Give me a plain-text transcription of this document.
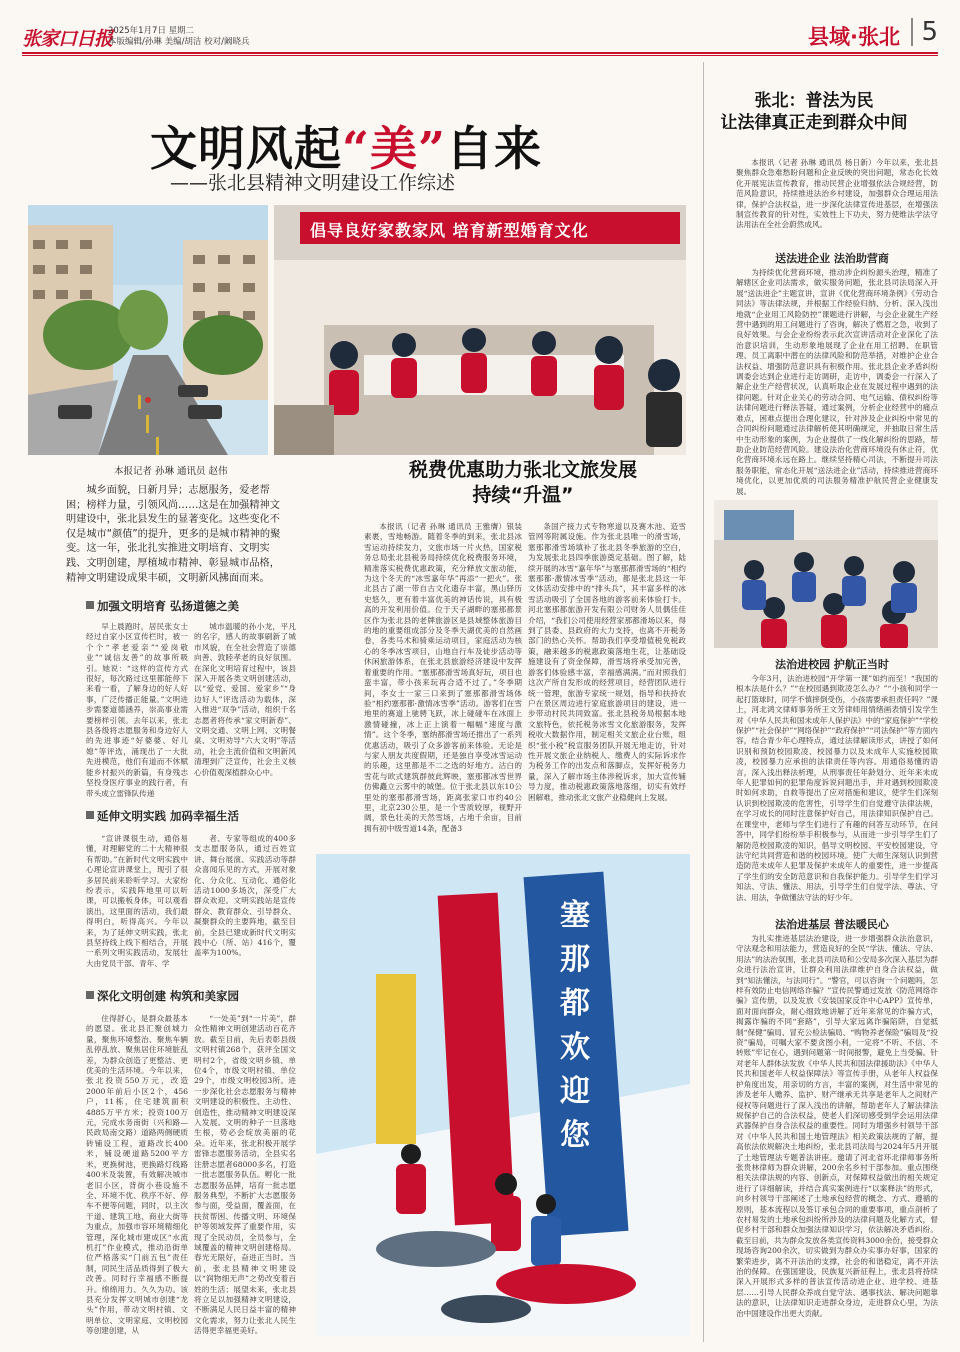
张家口日报
2025年1月7日 星期二
本版编辑/孙琳 美编/胡洁 校对/阚晓兵	县域·张北 5
文明风起“美”自来
——张北县精神文明建设工作综述
倡导良好家教家风 培育新型婚育文化
本报记者 孙琳 通讯员 赵伟
城乡面貌，日新月异；志愿服务，爱老帮困；榜样力量，引领风尚……这是在加强精神文明建设中，张北县发生的显著变化。这些变化不仅是城市“颜值”的提升，更多的是城市精神的聚变。这一年，张北扎实推进文明培育、文明实践、文明创建，厚植城市精神、彰显城市品格，精神文明建设成果丰硕，文明新风拂面而来。
加强文明培育 弘扬道德之美
早上晨跑时，居民张女士经过自家小区宣传栏时，被一个个“孝老爱亲”“爱岗敬业”“诚信友善”的故事所吸引。她说：“这样的宣传方式很好，每次路过这里都能停下来看一看，了解身边的好人好事，广泛传播正能量。”文明进步需要道德涵养，崇高事业需要榜样引领。去年以来，张北县各级将志愿服务和身边好人的先进事迹“好婆婆、好儿媳”等评选，涌现出了一大批先进模范，他们有道而不休赋能乡村振兴的新篇，有身残志坚投身医疗事业的践行者，有带头成立雷锋队传递
城市温暖的孙小龙，平凡的名字，感人的故事刷新了城市风貌，在全社会营造了崇德向善、敦睦孝老的良好氛围。在深化文明培育过程中，该县深入开展各类文明创建活动，以“爱党、爱国、爱家乡”“身边好人”评选活动为载体，深入推进“双争”活动，组织千名志愿者将传承“家文明新春”、文明交通、文明上网、文明餐桌、文明劝导“六大文明”等活动，社会主流价值和文明新风清理到广泛宣传，社会主义核心价值观深植群众心中。
延伸文明实践 加码幸福生活
“宣讲课很生动，通俗易懂，对理解党的二十大精神很有帮助。”在新时代文明实践中心理论宣讲课堂上，现引了很多居民前来聆听学习。大家纷纷表示，实践阵地里可以听课，可以搬板身体，可以观看演出，这里面的活动，我们最得明白，听得高兴。今年以来，为了延伸文明实践，张北县坚持线上线下相结合，开展一系列文明实践活动，发展壮大由党员干部、青年、学
者、专家等组成的400多支志愿服务队，通过百姓宣讲、舞台展演、实践活动等群众喜闻乐见的方式，开展对象化、分众化、互动化、通俗化活动1000多场次，深受广大群众欢迎。文明实践站是宣传群众、教育群众、引导群众、凝聚群众的主要阵地，截至目前，全县已建成新时代文明实践中心（所、站）416个，覆盖率为100%。
深化文明创建 构筑和美家园
住得舒心，是群众最基本的愿望。张北县汇聚创城力量，聚焦环境整治、聚焦车辆乱停乱放、聚焦居住环境脏乱差，为群众创造了更整洁、更优美的生活环境。今年以来，张北投资550万元，改造2000年前后小区2个，456户，11栋，住宅建筑面积4885万平方米；投资100万元，完成水务南街（兴和路—民政局南交路）道路两侧硬质砖铺设工程，道路改长400米，铺设硬道路5200平方米，更换树池，更换路灯线路400米及装置，有效解决城市老旧小区，背街小巷设施不全、环境不优、秩序不好、停车不便等问题，同时，以主次干道、建筑工地、商业大街等为重点，加强市容环境精细化管理，深化城市建成区“水流机打”作业模式，推动沿街单位严格落实“门前五包”责任制，同民生活品质得到了极大改善。同时行幸福感不断提升。绵绵用力、久久为功。该县充分发挥文明城市创建“龙头”作用，带动文明村镇、文明单位、文明家庭、文明校园等创建创建，从
“一处美”到“一片美”，群众性精神文明创建活动百花齐放。截至目前，先后表彰县级文明村镇268个，获评全国文明村2个，省级文明乡镇、单位4个，市级文明村镇、单位29个，市级文明校园3所。进一步深化社会志愿服务与精神文明建设的积极性、主动性、创造性，推动精神文明建设深入发展。文明的种子一旦落地生根，势必会绽放美丽的花朵。近年来，张北积极开展学雷锋志愿服务活动，全县实名注册志愿者68000多名，打造一批志愿服务队伍。孵化一批志愿服务品牌，培育一批志愿服务典型，不断扩大志愿服务参与面，受益面，覆盖面，在扶贫帮困、传播文明、环境保护等领域发挥了重要作用，实现了全民动员，全员参与，全域覆盖的精神文明创建格局。春光无限好，奋进正当时。当前，张北县精神文明建设以“润物细无声”之势改变着百姓的生活；展望未来，张北县将立足以加强精神文明建设，不断满足人民日益丰富的精神文化需求，努力让张北人民生活得更幸福更美好。
税费优惠助力张北文旅发展
持续“升温”
本报讯（记者 孙琳 通讯员 王雅膺）银装素裹，雪地畅游。随着冬季的到来，张北县冰雪运动持续发力，文旅市场一片火热，国家税务总局张北县税务局持续优化税费服务环境，精准落实税费优惠政策，充分释放文旅动能，为这个冬天的“冰雪嘉年华”再添“一把火”。张北县古了湖一带自古文化遗存丰富，黑山驿历史悠久，更有着丰富优美的神话传说，具有极高的开发利用价值。位于天子湖畔的塞那都景区作为张北县的老牌旅游区是县域整体旅游目的地的重要组成部分及冬季天湖优美的自然画卷，各类马术和骑乘运动项目，家庭活动为核心的冬季冰雪项目，山地自行车及徒步活动等休闲旅游体系，在张北县旅游经济建设中发挥着重要的作用。“塞那都滑雪场真好玩，项目也蛮丰富，带小孩来玩再合适不过了。”冬季期间，李女士一家三口来到了塞那都滑雪场体验“相约塞那都·激情冰雪季”活动。游客们在雪地里的赛道上驰骋飞跃，冰上碰碰车在冰面上激情碰撞，冰上正上演着一幅幅“速度与激情”。这个冬季，塞纳都滑雪场还推出了一系列优惠活动，吸引了众多游客前来体验。无论是与家人朋友共度假期，还是独自享受冰雪运动的乐趣，这里都是不二之选的好地方。沽白的雪花与欧式建筑群彼此辉映，塞那都冰雪世界仿佛矗立云雾中的城堡。位于张北县以东10公里处的塞那都滑雪场，距离张家口市约40公里，北京230公里，是一个雪质较厚，视野开阔，景色壮美的天然雪场，占地千余亩，目前拥有初中级雪道14条，配备3
条国产接力式专物寒道以及赛木池、造雪管网等附属设施。作为张北县唯一的滑雪场，塞那都滑雪场填补了张北县冬季旅游的空白，为发展张北县四季旅游奠定基础。图了解，陆续开展的冰雪“嘉年华”与塞那都滑雪场的“相约塞那都·激情冰雪季”活动，都是张北县这一年文体活动安排中的“排头兵”，其丰富多样的冰雪活动吸引了全国各地的游客前来体验打卡。河北塞那都旅游开发有限公司财务人员偶佳佳介绍，“我们公司使用经营家那都滑场以来，得到了县委、县政府的大力支持，也离不开税务部门的热心关怀。帮助我们享受增值税免税政策，融来越多的税惠政策落地生花，让基础设施建设有了资金保障，滑雪场将承受加完善，游客们体验感丰富，幸福感满满。”而对照我们这次产所自发形成的经营项目，经营团队进行统一管理，旅游专家统一规划，指导和扶持农户在景区周边进行家庭旅游项目的建设，进一步带动村民共同致富。张北县税务局根据本地文旅特色，依托税务冰雪文化旅游服务，发挥税收大数据作用，制定相关文旅企业台账，组织“张小税”税宣服务团队开展无地走访，针对性开展文旅企业纳税人、缴费人的实际诉求作为税务工作的出发点和落脚点，发挥好税务力量，深入了解市场主体涉税诉求，加大宣传辅导力度，推动税惠政策落地落细，切实有效纾困解难，推动张北文旅产业稳健向上发展。
塞那都欢迎您
张北：普法为民
让法律真正走到群众中间
本报讯（记者 孙琳 通讯员 杨日新）今年以来，张北县聚焦群众急难愁盼问题和企业反映的突出问题，常态化长效化开展宪法宣传教育，推动民营企业增强依法合规经营，防范风险意识，持续推进法治乡村建设，加强群众合理运用法律，保护合法权益，进一步深化法律宣传进基层，在增强法制宣传教育的针对性，实效性上下功夫，努力使维法学法守法用法在全社会蔚然成风。
送法进企业 法治助营商
为持续优化营商环境，推动涉企纠纷源头治理，精准了解辖区企业司法需求，做实服务问题，张北县司法局深入开展“送法进企”主题宣讲，宣讲《优化营商环境条例》《劳动合同法》等法律法规，并根据工作经验归纳、分析、深入浅出地就“企业用工风险防控”课题进行讲解，与会企业就生产经营中遇到的用工问题进行了咨询，解决了燃眉之急，收到了良好效果。与会企业纷纷表示此次宣讲活动对企业深化了法治意识培训，生动形象地展现了企业在用工招聘、在职管理、员工离职中潜在的法律风险和防范举措，对维护企业合法权益、增强防范意识具有积极作用。张北县企业矛盾纠纷调委会达到企业进行走访调研，走访中，调委会一行深入了解企业生产经营状况，认真听取企业在发展过程中遇到的法律问题。针对企业关心的劳动合同、电气运输、债权纠纷等法律问题进行释法答疑，通过案例，分析企业经营中的痛点难点，困难点提出合理化建议，针对涉及企业纠纷中常见的合同纠纷问题通过法律解析使其明确规定，并抽取日常生活中生动形象的案例，为企业提供了一线化解纠纷的思路，帮助企业防范经营风险。建设法治化营商环境没有休止符，优化营商环境永远在路上。继续坚持精心司法，不断提升司法服务职能，常态化开展“送法进企业”活动，持续推进营商环境优化，以更加优质的司法服务精准护航民营企业健康发展。
法治进校园 护航正当时
今年3月，法治进校园“开学第一课”如约而至！“我国的根本法是什么？”“在校园遇到欺凌怎么办？”“小孩和同学一起打篮球时，同学不慎摔倒受伤，小孩需要承担责任吗？”课上，河北鸿文律师事务所王文芳律师用情绪画表情引发学生对《中华人民共和国未成年人保护法》中的“家庭保护”“学校保护”“社会保护”“网络保护”“政府保护”“司法保护”等方面内容，结合青少年心理特点，通过法律解读形式，讲授了如何识别和预防校园欺凌、校园暴力以及未成年人实施校园欺凌，校园暴力应承担的法律责任等内容。用通俗易懂的语言，深入浅出释法析理，从刑事责任年龄划分、近年来未成年人犯罪如何的犯罪角度诉说问题出手，并对遇到校园欺凌时如何求助，自救等提出了应对措施和建议，使学生们深刻认识到校园欺凌的危害性，引导学生们自觉遵守法律法规，在学习成长的同时注意保护好自己，用法律知识保护自己。在课堂中，老师与学生们进行了有趣的问答互动环节，在问答中，同学们纷纷举手积极参与，从而进一步引导学生们了解防范校园欺凌的知识，倡导文明校园、平安校园建设，守法守纪共同营造和谐的校园环境。使广大师生深刻认识到营造防范未成年人犯罪及保护未成年人的重要性，进一步提高了学生们的安全防范意识和自我保护能力。引导学生们学习知法、守法、懂法、用法，引导学生们自觉学法、尊法、守法、用法，争做懂法守法的好少年。
法治进基层 普法暖民心
为扎实推进基层法治建设，进一步增强群众法治意识，守法观念和用法能力，营造良好的全民“学法、懂法、守法、用法”的法治氛围，张北县司法局和公安局多次深入基层为群众进行法治宣讲，让群众利用法律维护自身合法权益，做到“知法懂法，与法同行”。“警官，可以咨询一个问题吗，怎样有效防止电信网络诈骗？”宣传民警通过发放《防范网络诈骗》宣传册，以及发放《安装国家反诈中心APP》宣传单，面对面向群众，耐心细致地讲解了近年来常见的诈骗方式，揭露诈骗的不同“套路”，引导大家远离诈骗陷阱，自觉抵制“保健”骗局、冒充公检法骗局、“购物养老保险”骗局及“投资”骗局，可嘱大家不要贪图小利，一定将“不听、不信、不转账”牢记在心，遇到问题第一时间报警，避免上当受骗。针对老年人群体法发放《中华人民共和国法律援助法》《中华人民共和国老年人权益保障法》等宣传手册，从老年人权益保护角度出发，用亲切的方言，丰富的案例，对生活中常见的涉及老年人赡养、监护、财产继承无共享是老年人之间财产侵权等问题进行了深入浅出的讲解，帮助老年人了解法律法规保护自己的合法权益，使老人们深切感受到学会运用法律武器保护自身合法权益的重要性。同时为增强乡村领导干部对《中华人民共和国土地管理法》相关政策法规的了解，提高依法依规解决土地纠纷，张北县司法局与2024年5月开展了土地管理法专题普法讲座。邀请了河北省环北律师事务所张贵林律师为群众讲解，200余名乡村干部参加。重点围绕相关法律法规的内容、创新点，对保障权益做出的相关规定进行了详细解读，并结合真实案例进行“以案释法”的形式，向乡村领导干部阐述了土地承包经营的概念、方式、遵循的原则，基本流程以及签订承包合同的重要事项，重点剖析了农村易发的土地承包纠纷所涉及的法律问题及化解方式，督促乡村干部和群众加强法律知识学习，依法解决矛盾纠纷。截至目前，共为群众发放各类宣传资料3000余份，接受群众现场咨询200余次，切实做到为群众办实事办好事，国家的繁荣进步，离不开法治的支撑，社会的和谐稳定，离不开法治的保障。在强国建设，民族复兴新征程上，张北县将持续深入开展形式多样的普法宣传活动进企业、进学校、进基层……引导人民群众养成自觉守法、遇事找法、解决问题靠法的意识，让法律知识走进群众身边，走进群众心里，为法治中国建设作出更大贡献。
